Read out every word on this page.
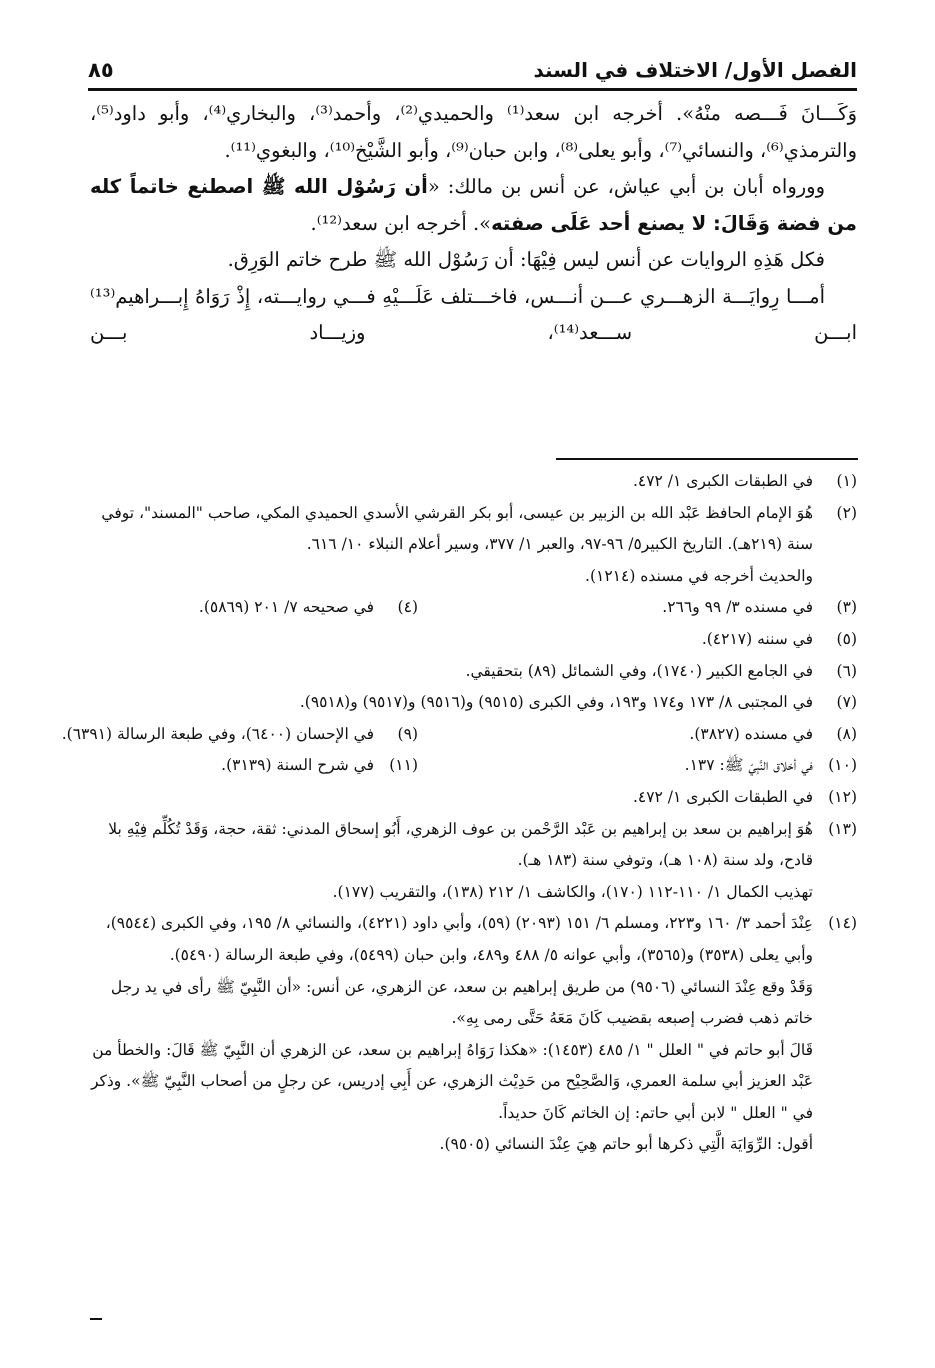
٨٥	الفصل الأول/ الاختلاف في السند

وَكَـــانَ فَـــصه منْهُ». أخرجه ابن سعد⁽¹⁾ والحميدي⁽²⁾، وأحمد⁽³⁾، والبخاري⁽⁴⁾، وأبو داود⁽⁵⁾، والترمذي⁽⁶⁾، والنسائي⁽⁷⁾، وأبو يعلى⁽⁸⁾، وابن حبان⁽⁹⁾، وأبو الشَّيْخ⁽¹⁰⁾، والبغوي⁽¹¹⁾.

وورواه أبان بن أبي عياش، عن أنس بن مالك: «أن رَسُوْل الله ﷺ اصطنع خاتماً كله من فضة وَقَالَ: لا يصنع أحد عَلَى صفته». أخرجه ابن سعد⁽¹²⁾.

فكل هَذِهِ الروايات عن أنس ليس فِيْهَا: أن رَسُوْل الله ﷺ طرح خاتم الوَرِق.

أمـــا رِوايَـــة الزهـــري عـــن أنـــس، فاخـــتلف عَلَـــيْهِ فـــي روايـــته، إِذْ رَوَاهُ إِبـــراهيم⁽¹³⁾ ابـــن ســـعد⁽¹⁴⁾، وزيـــاد بـــن

(١)
في الطبقات الكبرى ١/ ٤٧٢.

(٢)
هُوَ الإمام الحافظ عَبْد الله بن الزبير بن عيسى، أبو بكر القرشي الأسدي الحميدي المكي، صاحب "المسند"، توفي سنة (٢١٩هـ). التاريخ الكبير٥/ ٩٦-٩٧، والعبر ١/ ٣٧٧، وسير أعلام النبلاء ١٠/ ٦١٦.

والحديث أخرجه في مسنده (١٢١٤).

(٣)
في مسنده ٣/ ٩٩ و٢٦٦.

(٤)
في صحيحه ٧/ ٢٠١ (٥٨٦٩).

(٥)
في سننه (٤٢١٧).

(٦)
في الجامع الكبير (١٧٤٠)، وفي الشمائل (٨٩) بتحقيقي.

(٧)
في المجتبى ٨/ ١٧٣ و١٧٤ و١٩٣، وفي الكبرى (٩٥١٥) و(٩٥١٦) و(٩٥١٧) و(٩٥١٨).

(٨)
في مسنده (٣٨٢٧).

(٩)
في الإحسان (٦٤٠٠)، وفي طبعة الرسالة (٦٣٩١).

(١٠)
في أخلاق النَّبِيّ ﷺ: ١٣٧.

(١١)
في شرح السنة (٣١٣٩).

(١٢)
في الطبقات الكبرى ١/ ٤٧٢.

(١٣)
هُوَ إبراهيم بن سعد بن إبراهيم بن عَبْد الرَّحْمن بن عوف الزهري، أَبُو إسحاق المدني: ثقة، حجة، وَقَدْ تُكُلِّم فِيْهِ بلا قادح، ولد سنة (١٠٨ هـ)، وتوفي سنة (١٨٣ هـ).

تهذيب الكمال ١/ ١١٠-١١٢ (١٧٠)، والكاشف ١/ ٢١٢ (١٣٨)، والتقريب (١٧٧).

(١٤)
عِنْدَ أحمد ٣/ ١٦٠ و٢٢٣، ومسلم ٦/ ١٥١ (٢٠٩٣) (٥٩)، وأبي داود (٤٢٢١)، والنسائي ٨/ ١٩٥، وفي الكبرى (٩٥٤٤)، وأبي يعلى (٣٥٣٨) و(٣٥٦٥)، وأبي عوانه ٥/ ٤٨٨ و٤٨٩، وابن حبان (٥٤٩٩)، وفي طبعة الرسالة (٥٤٩٠).

وَقَدْ وقع عِنْدَ النسائي (٩٥٠٦) من طريق إبراهيم بن سعد، عن الزهري، عن أنس: «أن النَّبِيّ ﷺ رأى في يد رجل خاتم ذهب فضرب إصبعه بقضيب كَانَ مَعَهُ حَتَّى رمى بِهِ».

قَالَ أبو حاتم في " العلل " ١/ ٤٨٥ (١٤٥٣): «هكذا رَوَاهُ إبراهيم بن سعد، عن الزهري أن النَّبِيّ ﷺ قَالَ: والخطأ من عَبْد العزيز أبي سلمة العمري، وَالصَّحِيْح من حَدِيْث الزهري، عن أَبِي إدريس، عن رجلٍ من أصحاب النَّبِيّ ﷺ». وذكر في " العلل " لابن أبي حاتم: إن الخاتم كَانَ حديداً.

أقول: الرِّوَايَة الَّتِي ذكرها أبو حاتم هِيَ عِنْدَ النسائي (٩٥٠٥).
